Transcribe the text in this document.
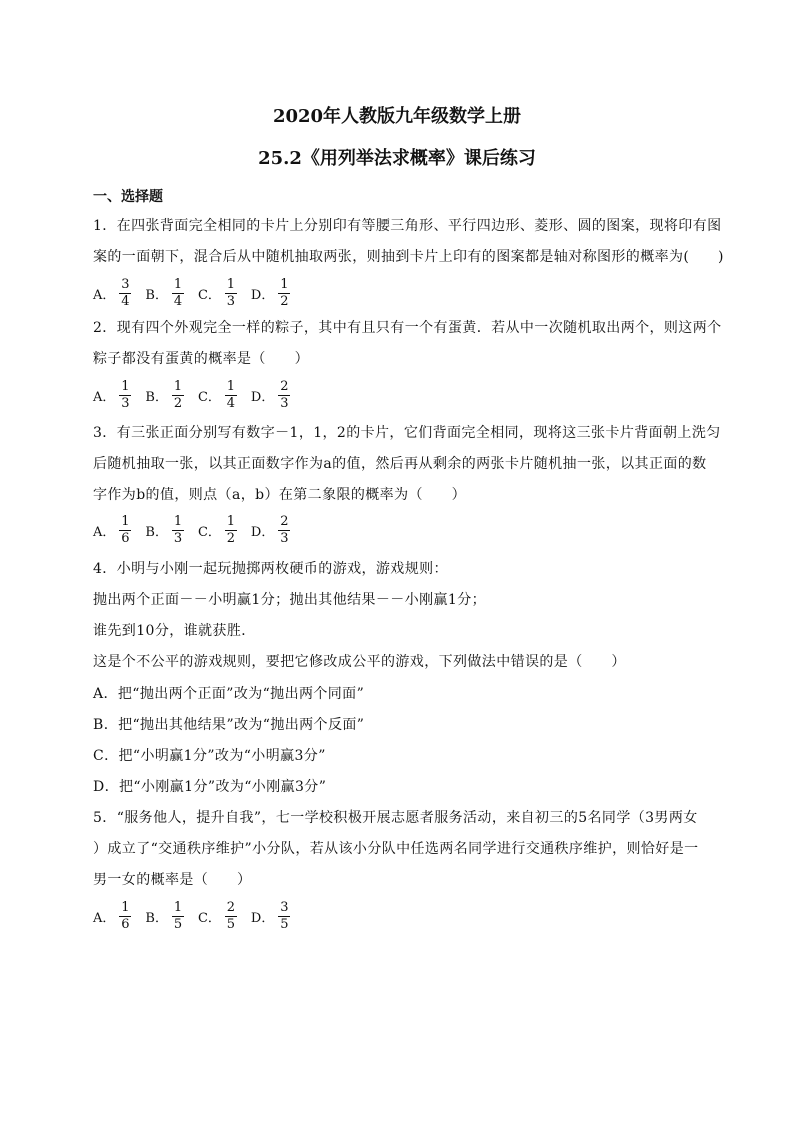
2020年人教版九年级数学上册
25.2《用列举法求概率》课后练习
一、选择题
1．在四张背面完全相同的卡片上分别印有等腰三角形、平行四边形、菱形、圆的图案，现将印有图
案的一面朝下，混合后从中随机抽取两张，则抽到卡片上印有的图案都是轴对称图形的概率为(　　)
A． $\frac{3}{4}$ B． $\frac{1}{4}$ C． $\frac{1}{3}$ D． $\frac{1}{2}$
2．现有四个外观完全一样的粽子，其中有且只有一个有蛋黄．若从中一次随机取出两个，则这两个
粽子都没有蛋黄的概率是（　　）
A． $\frac{1}{3}$ B． $\frac{1}{2}$ C． $\frac{1}{4}$ D． $\frac{2}{3}$
3．有三张正面分别写有数字－1，1，2的卡片，它们背面完全相同，现将这三张卡片背面朝上洗匀
后随机抽取一张，以其正面数字作为a的值，然后再从剩余的两张卡片随机抽一张，以其正面的数
字作为b的值，则点（a，b）在第二象限的概率为（　　）
A． $\frac{1}{6}$ B． $\frac{1}{3}$ C． $\frac{1}{2}$ D． $\frac{2}{3}$
4．小明与小刚一起玩抛掷两枚硬币的游戏，游戏规则：
抛出两个正面－－小明赢1分；抛出其他结果－－小刚赢1分；
谁先到10分，谁就获胜．
这是个不公平的游戏规则，要把它修改成公平的游戏，下列做法中错误的是（　　）
A．把“抛出两个正面”改为“抛出两个同面”
B．把“抛出其他结果”改为“抛出两个反面”
C．把“小明赢1分”改为“小明赢3分”
D．把“小刚赢1分”改为“小刚赢3分”
5．“服务他人，提升自我”，七一学校积极开展志愿者服务活动，来自初三的5名同学（3男两女
）成立了“交通秩序维护”小分队，若从该小分队中任选两名同学进行交通秩序维护，则恰好是一
男一女的概率是（　　）
A． $\frac{1}{6}$ B． $\frac{1}{5}$ C． $\frac{2}{5}$ D． $\frac{3}{5}$
